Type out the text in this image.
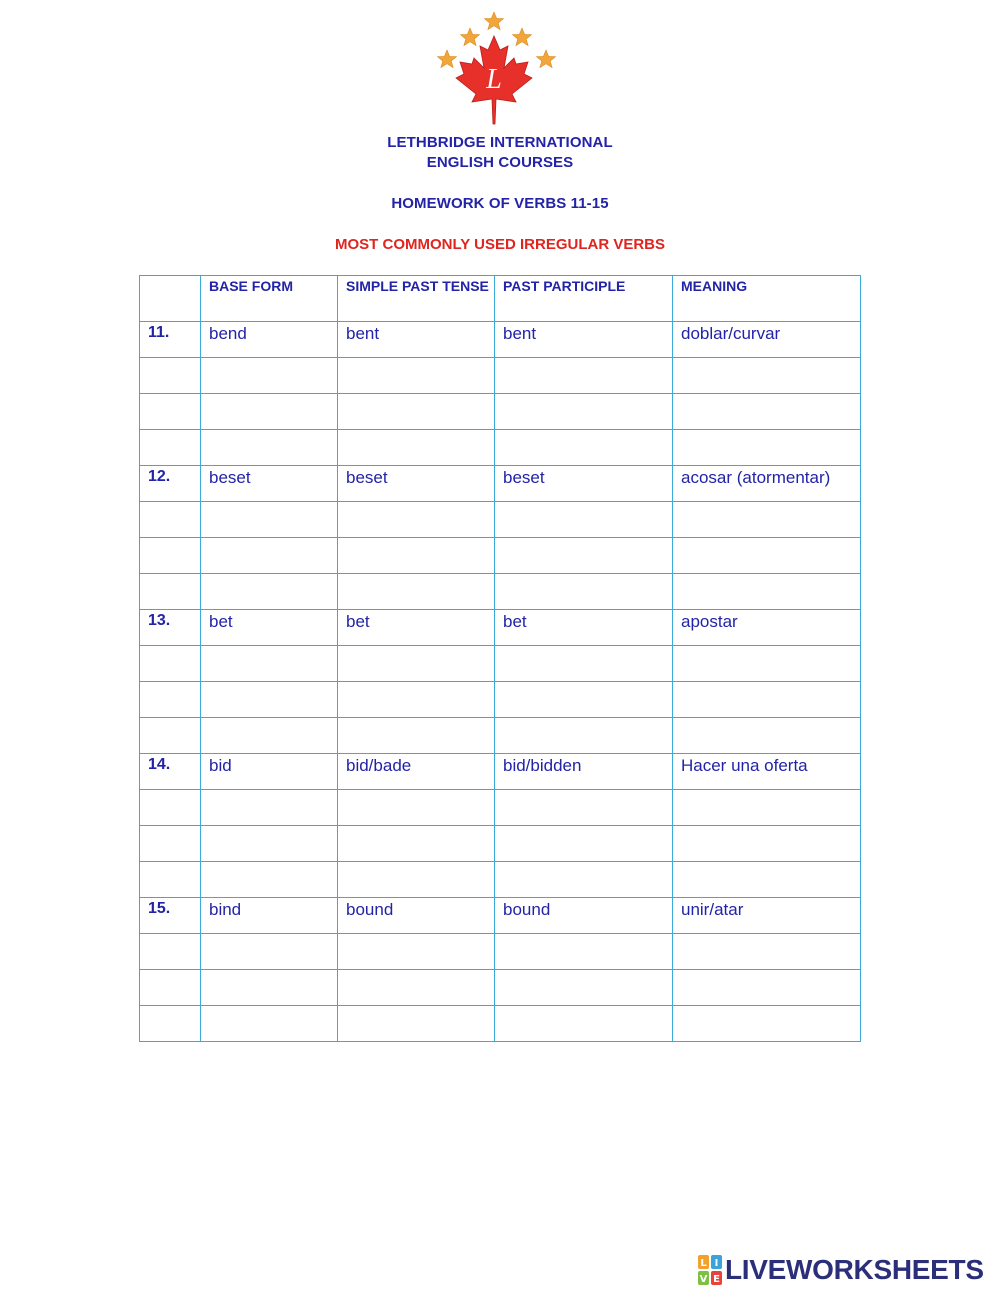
L
LETHBRIDGE INTERNATIONAL
ENGLISH COURSES
HOMEWORK OF VERBS 11-15
MOST COMMONLY USED IRREGULAR VERBS
	BASE FORM	SIMPLE PAST TENSE	PAST PARTICIPLE	MEANING
11.	bend	bent	bent	doblar/curvar

12.	beset	beset	beset	acosar (atormentar)

13.	bet	bet	bet	apostar

14.	bid	bid/bade	bid/bidden	Hacer una oferta

15.	bind	bound	bound	unir/atar

L I
V E LIVEWORKSHEETS
